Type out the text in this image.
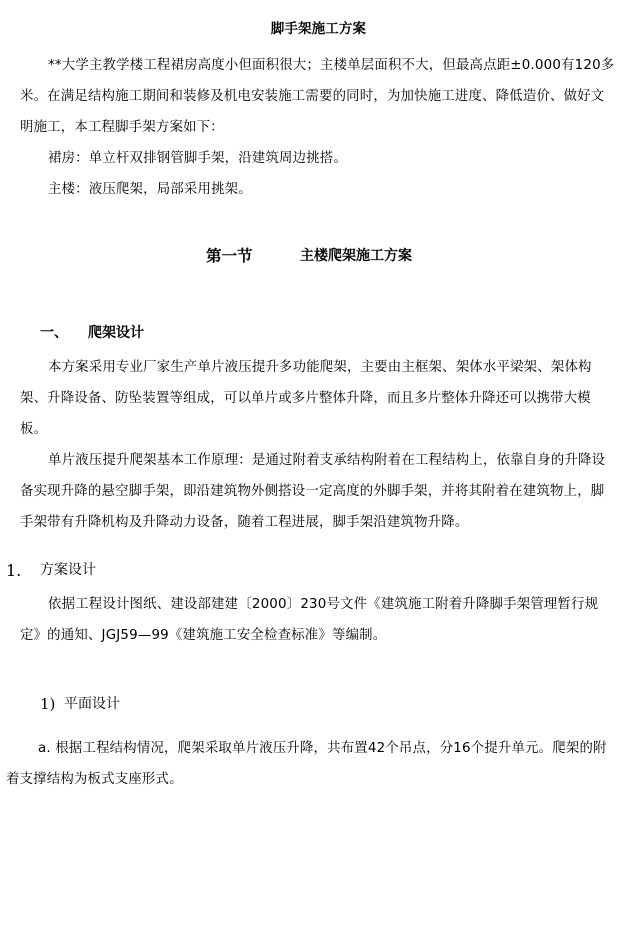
脚手架施工方案

**大学主教学楼工程裙房高度小但面积很大；主楼单层面积不大，但最高点距±0.000有120多米。在满足结构施工期间和装修及机电安装施工需要的同时，为加快施工进度、降低造价、做好文明施工，本工程脚手架方案如下：

裙房：单立杆双排钢管脚手架，沿建筑周边挑搭。

主楼：液压爬架，局部采用挑架。

第一节	主楼爬架施工方案
一、 爬架设计

本方案采用专业厂家生产单片液压提升多功能爬架，主要由主框架、架体水平梁架、架体构架、升降设备、防坠装置等组成，可以单片或多片整体升降，而且多片整体升降还可以携带大模板。

单片液压提升爬架基本工作原理：是通过附着支承结构附着在工程结构上，依靠自身的升降设备实现升降的悬空脚手架，即沿建筑物外侧搭设一定高度的外脚手架，并将其附着在建筑物上，脚手架带有升降机构及升降动力设备，随着工程进展，脚手架沿建筑物升降。

1. 方案设计

依据工程设计图纸、建设部建建〔2000〕230号文件《建筑施工附着升降脚手架管理暂行规定》的通知、JGJ59—99《建筑施工安全检查标准》等编制。

1) 平面设计

a. 根据工程结构情况，爬架采取单片液压升降，共布置42个吊点，分16个提升单元。爬架的附着支撑结构为板式支座形式。
